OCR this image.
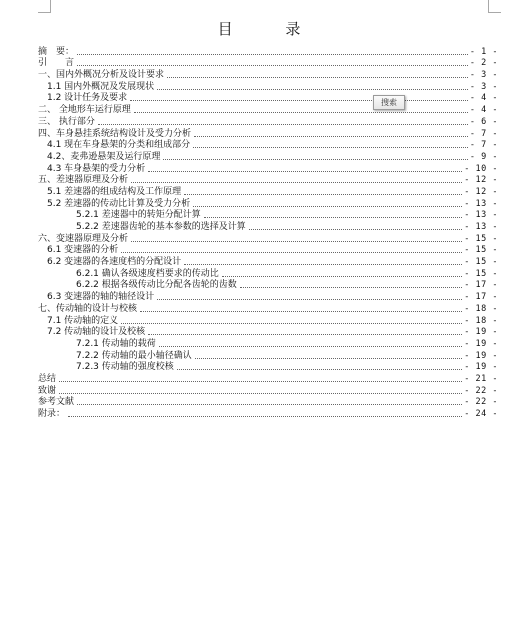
目 录
摘　要：	- 1 -
引　　言	- 2 -
一、国内外概况分析及设计要求	- 3 -
1.1 国内外概况及发展现状	- 3 -
1.2 设计任务及要求	- 4 -
二、 全地形车运行原理	- 4 -
三、 执行部分	- 6 -
四、车身悬挂系统结构设计及受力分析	- 7 -
4.1 现在车身悬架的分类和组成部分	- 7 -
4.2、麦弗逊悬架及运行原理	- 9 -
4.3 车身悬架的受力分析	- 10 -
五、差速器原理及分析	- 12 -
5.1 差速器的组成结构及工作原理	- 12 -
5.2 差速器的传动比计算及受力分析	- 13 -
5.2.1 差速器中的转矩分配计算	- 13 -
5.2.2 差速器齿轮的基本参数的选择及计算	- 13 -
六、变速器原理及分析	- 15 -
6.1 变速器的分析	- 15 -
6.2 变速器的各速度档的分配设计	- 15 -
6.2.1 确认各级速度档要求的传动比	- 15 -
6.2.2 根据各级传动比分配各齿轮的齿数	- 17 -
6.3 变速器的轴的轴径设计	- 17 -
七、传动轴的设计与校核	- 18 -
7.1 传动轴的定义	- 18 -
7.2 传动轴的设计及校核	- 19 -
7.2.1 传动轴的载荷	- 19 -
7.2.2 传动轴的最小轴径确认	- 19 -
7.2.3 传动轴的强度校核	- 19 -
总结	- 21 -
致谢	- 22 -
参考文献	- 22 -
附录：	- 24 -
搜索
